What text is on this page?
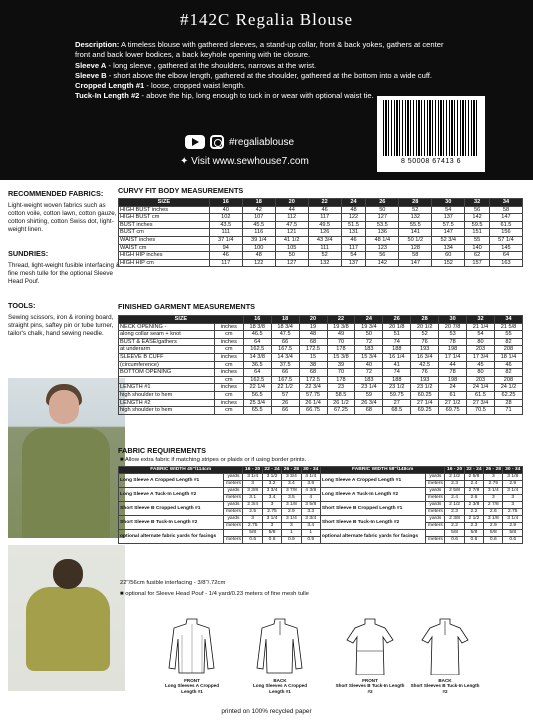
#142C Regalia Blouse
Description: A timeless blouse with gathered sleeves, a stand-up collar, front & back yokes, gathers at center front and back lower bodices, a back keyhole opening with tie closure.
Sleeve A - long sleeve , gathered at the shoulders, narrows at the wrist.
Sleeve B - short above the elbow length, gathered at the shoulder, gathered at the bottom into a wide cuff.
Cropped Length #1 - loose, cropped waist length.
Tuck-In Length #2 - above the hip, long enough to tuck in or wear with optional waist tie.
#regaliablouse
✦ Visit www.sewhouse7.com	8 50008 67413 6
RECOMMENDED FABRICS:
Light-weight woven fabrics such as cotton voile, cotton lawn, cotton gauze, cotton shirting, cotton Swiss dot, light-weight linen.
SUNDRIES:
Thread, light-weight fusible interfacing & fine mesh tulle for the optional Sleeve Head Pouf.
TOOLS:
Sewing scissors, iron & ironing board, straight pins, saftey pin or tube turner, tailor's chalk, hand sewing needle.
CURVY FIT BODY MEASUREMENTS
SIZE	16	18	20	22	24	26	28	30	32	34
HIGH BUST inches	40	42	44	46	48	50	52	54	56	58
HIGH BUST cm	102	107	112	117	122	127	132	137	142	147
BUST inches	43.5	45.5	47.5	49.5	51.5	53.5	55.5	57.5	59.5	61.5
BUST cm	111	116	121	126	131	136	141	147	151	156
WAIST inches	37 1/4	39 1/4	41 1/2	43 3/4	46	48 1/4	50 1/2	52 3/4	55	57 1/4
WAIST cm	94	100	105	111	117	123	128	134	140	145
HIGH HIP inches	46	48	50	52	54	56	58	60	62	64
HIGH HIP cm	117	122	127	132	137	142	147	152	157	163
FINISHED GARMENT MEASUREMENTS
SIZE		16	18	20	22	24	26	28	30	32	34
NECK OPENING -	inches	18 3/8	18 3/4	19	19 3/8	19 3/4	20 1/8	20 1/2	20 7/8	21 1/4	21 5/8
along collar seam + knot	cm	46.5	47.5	48	49	50	51	52	53	54	55
BUST & EASE/gathers	inches	64	66	68	70	72	74	76	78	80	82
at underarm	cm	162.5	167.5	172.5	178	183	188	193	198	203	208
SLEEVE B CUFF	inches	14 3/8	14 3/4	15	15 3/8	15 3/4	16 1/4	16 3/4	17 1/4	17 3/4	18 1/4
(circumference)	cm	36.5	37.5	38	39	40	41	42.5	44	45	46
BOTTOM OPENING	inches	64	66	68	70	72	74	76	78	80	82
	cm	162.5	167.5	172.5	178	183	188	193	198	203	208
LENGTH #1	inches	22 1/4	22 1/2	22 3/4	23	23 1/4	23 1/2	23 1/2	24	24 1/4	24 1/2
high shoulder to hem	cm	56.5	57	57.75	58.5	59	59.75	60.25	61	61.5	62.25
LENGTH #2	inches	25 3/4	26	26 1/4	26 1/2	26 3/4	27	27 1/4	27 1/2	27 3/4	28
high shoulder to hem	cm	65.5	66	66.75	67.25	68	68.5	69.25	69.75	70.5	71
FABRIC REQUIREMENTS
■ Allow extra fabric if matching stripes or plaids or if using border prints.
FABRIC WIDTH 45"/114cm		16 - 20	22 - 24	26 - 28	30 - 34	FABRIC WIDTH 58"/148cm		16 - 20	22 - 24	26 - 28	30 - 34
Long Sleeve A Cropped Length #1	yards	3 1/4	3 1/2	3 3/4	4 1/4	Long Sleeve A Cropped Length #1	yards	2 1/2	2 5/8	3	3 1/8
	meters	3	3.2	3.4	3.9		meters	2.3	2.4	2.75	2.9
Long Sleeve A Tuck-In Length #2	yards	3 3/8	3 3/4	3 7/8	4 3/8	Long Sleeve A Tuck-In Length #2	yards	2 5/8	2 7/8	3 1/4	3 1/4
	meters	3.1	3.4	3.5	4		meters	2.4	2.6	3	3
Short Sleeve B Cropped Length #1	yards	2 3/4	3	3 1/8	3 5/8	Short Sleeve B Cropped Length #1	yards	2 1/2	2 3/8	2 7/8	3
	meters	2.5	2.75	2.9	3.3		meters	2.3	2.2	2.6	2.75
Short Sleeve B Tuck-In Length #2	yards	3	3 1/4	3 1/4	3 3/4	Short Sleeve B Tuck-In Length #2	yards	2 3/8	2 1/2	3 1/8	3 1/4
	meters	2.75	3	3	3.4		meters	2.2	2.3	2.9	2.9
optional alternate fabric yards for facings		5/8	5/8	1	1	optional alternate fabric yards for facings		5/8	5/8	5/8	5/8
	meters	0.6	0.6	0.9	0.9		meters	0.6	0.6	0.6	0.6
22"/56cm fusible interfacing - 3/8"/.72cm
■ optional for Sleeve Head Pouf - 1/4 yard/0.23 meters of fine mesh tulle
FRONT
Long Sleeves A Cropped Length #1
BACK
Long Sleeves A Cropped Length #1
FRONT
Short Sleeves B Tuck-In Length #2
BACK
Short Sleeves B Tuck-In Length #2
printed on 100% recycled paper
